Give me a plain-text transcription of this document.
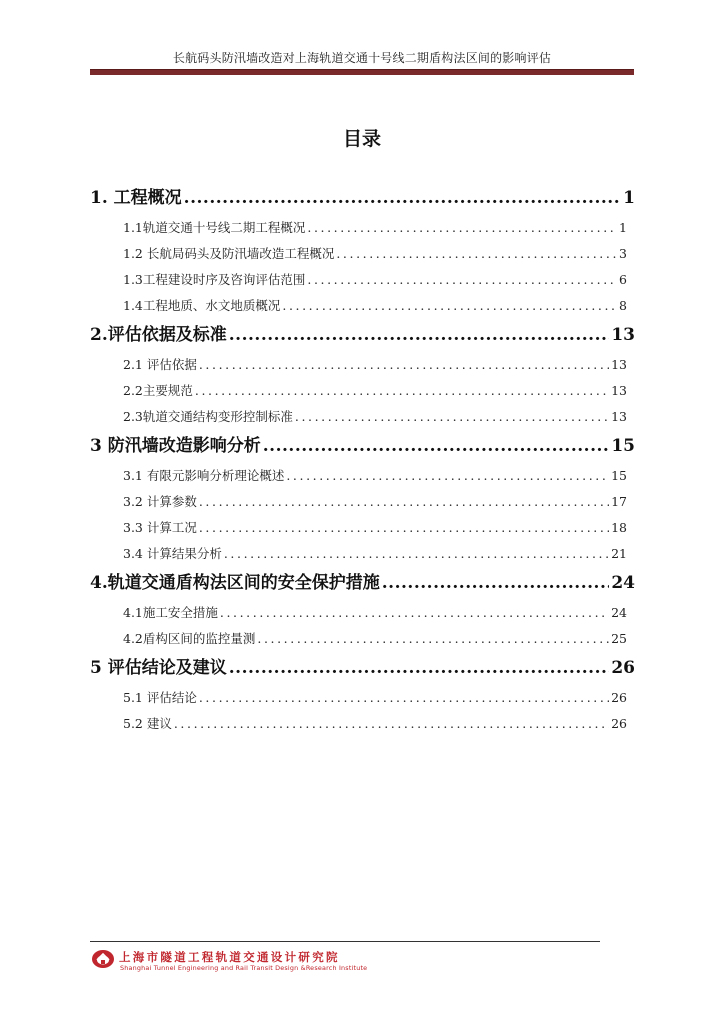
长航码头防汛墙改造对上海轨道交通十号线二期盾构法区间的影响评估
目录
1. 工程概况 .....	1
1.1轨道交通十号线二期工程概况 .....	1
1.2 长航局码头及防汛墙改造工程概况 .....	3
1.3工程建设时序及咨询评估范围 .....	6
1.4工程地质、水文地质概况 .....	8
2.评估依据及标准 .....	13
2.1 评估依据 .....	13
2.2主要规范 .....	13
2.3轨道交通结构变形控制标准 .....	13
3 防汛墙改造影响分析 .....	15
3.1 有限元影响分析理论概述 .....	15
3.2 计算参数 .....	17
3.3 计算工况 .....	18
3.4 计算结果分析 .....	21
4.轨道交通盾构法区间的安全保护措施 .....	24
4.1施工安全措施 .....	24
4.2盾构区间的监控量测 .....	25
5 评估结论及建议 .....	26
5.1 评估结论 .....	26
5.2 建议 .....	26
上海市隧道工程轨道交通设计研究院
Shanghai Tunnel Engineering and Rail Transit Design &Research Institute
